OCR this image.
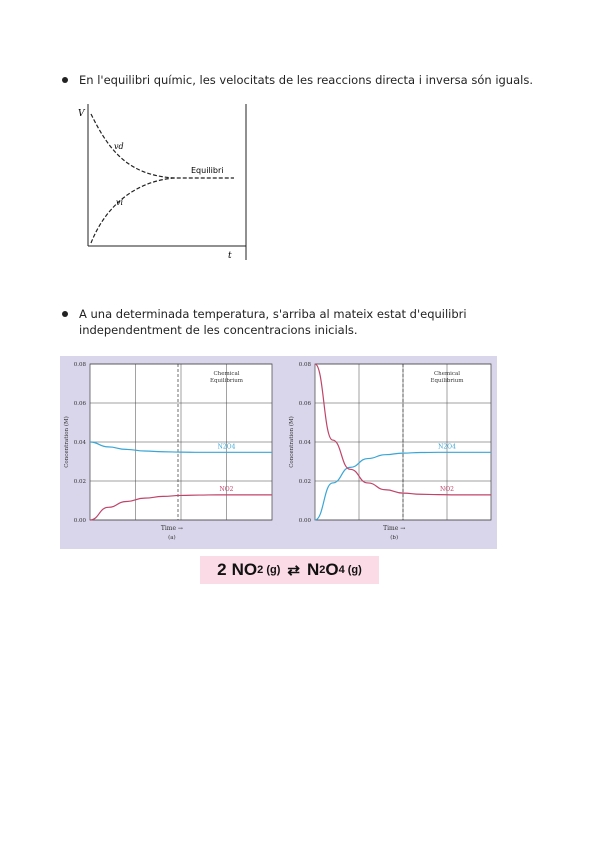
En l'equilibri químic, les velocitats de les reaccions directa i inversa són iguals.
V
t
vd
vi
Equilibri
A una determinada temperatura, s'arriba al mateix estat d'equilibri independentment de les concentracions inicials.
0.00
0.02
0.04
0.06
0.08
N2O4
NO2
Chemical
Equilibrium
Concentration (M)
Time →
(a)
0.00
0.02
0.04
0.06
0.08
N2O4
NO2
Chemical
Equilibrium
Concentration (M)
Time →
(b)
2 NO 2 (g) ⇄ N 2 O 4 (g)
